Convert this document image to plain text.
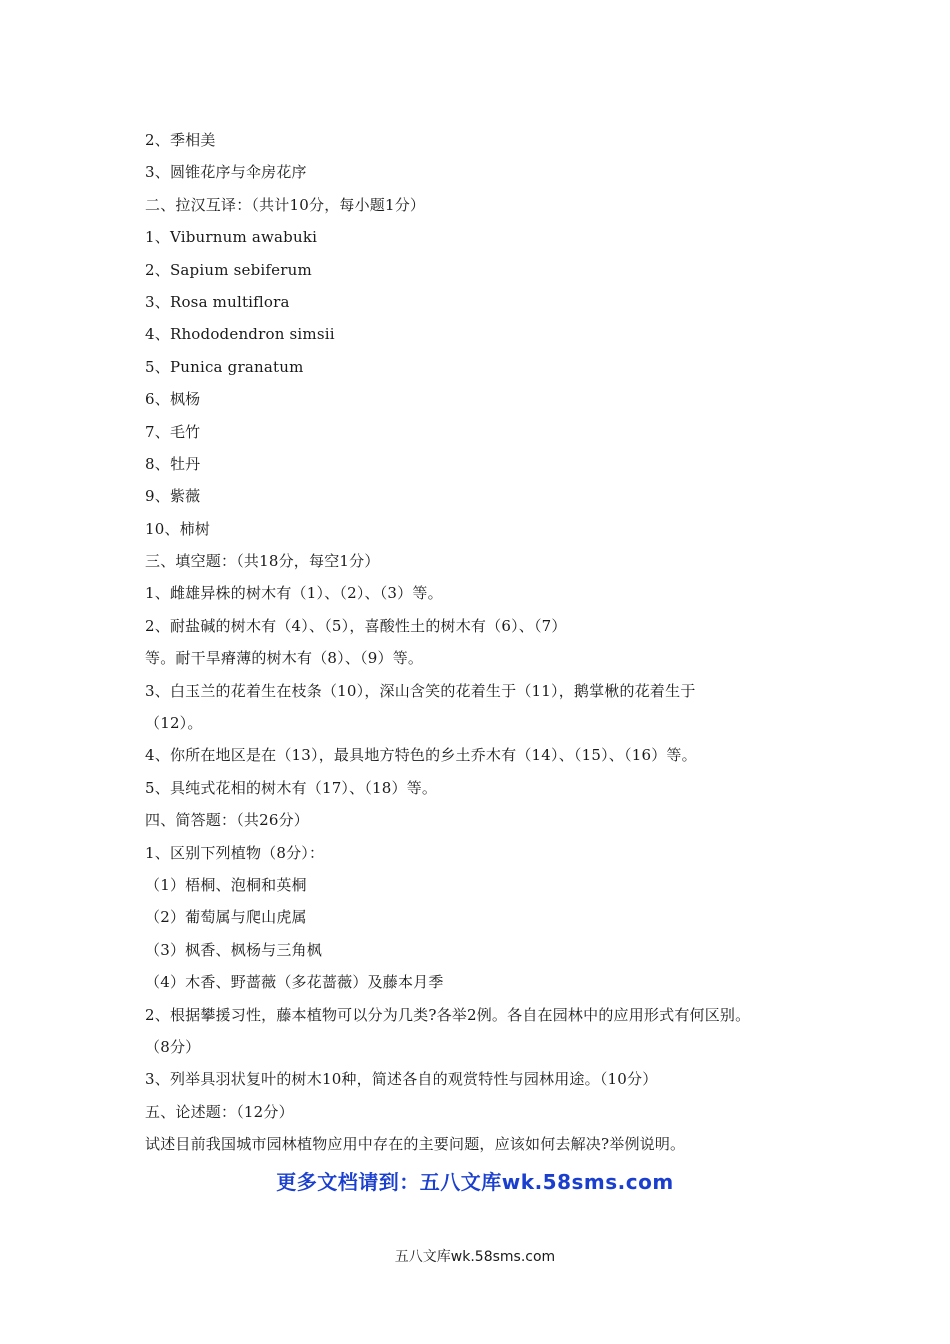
2、季相美
3、圆锥花序与伞房花序
二、拉汉互译：（共计10分，每小题1分）
1、Viburnum awabuki
2、Sapium sebiferum
3、Rosa multiflora
4、Rhododendron simsii
5、Punica granatum
6、枫杨
7、毛竹
8、牡丹
9、紫薇
10、柿树
三、填空题：（共18分，每空1分）
1、雌雄异株的树木有（1）、（2）、（3）等。
2、耐盐碱的树木有（4）、（5），喜酸性土的树木有（6）、（7）
等。耐干旱瘠薄的树木有（8）、（9）等。
3、白玉兰的花着生在枝条（10），深山含笑的花着生于（11），鹅掌楸的花着生于
（12）。
4、你所在地区是在（13），最具地方特色的乡土乔木有（14）、（15）、（16）等。
5、具纯式花相的树木有（17）、（18）等。
四、简答题：（共26分）
1、区别下列植物（8分）：
（1）梧桐、泡桐和英桐
（2）葡萄属与爬山虎属
（3）枫香、枫杨与三角枫
（4）木香、野蔷薇（多花蔷薇）及藤本月季
2、根据攀援习性，藤本植物可以分为几类?各举2例。各自在园林中的应用形式有何区别。
（8分）
3、列举具羽状复叶的树木10种，简述各自的观赏特性与园林用途。（10分）
五、论述题：（12分）
试述目前我国城市园林植物应用中存在的主要问题，应该如何去解决?举例说明。
更多文档请到：五八文库wk.58sms.com
五八文库wk.58sms.com
